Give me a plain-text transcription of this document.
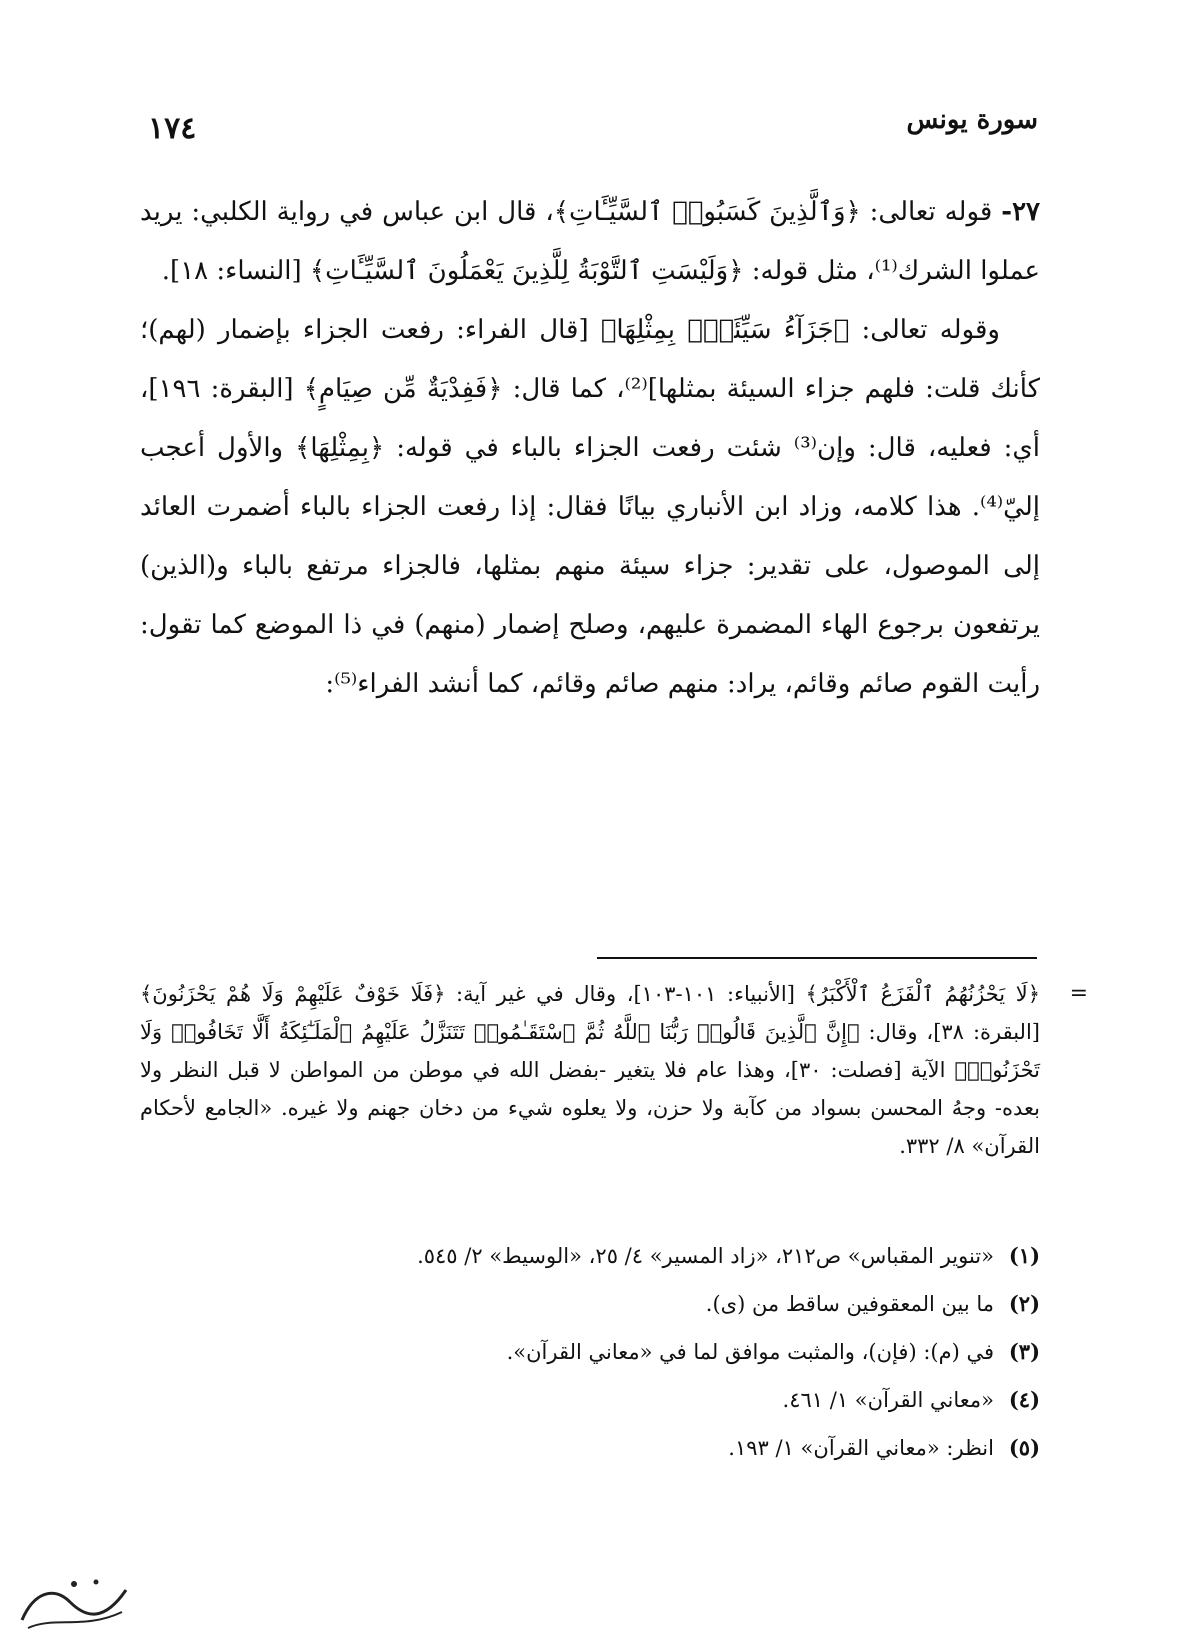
سورة يونس
١٧٤

٢٧- قوله تعالى: ﴿وَٱلَّذِينَ كَسَبُوا۟ ٱلسَّيِّـَٔاتِ﴾، قال ابن عباس في رواية الكلبي: يريد عملوا الشرك⁽¹⁾، مثل قوله: ﴿وَلَيْسَتِ ٱلتَّوْبَةُ لِلَّذِينَ يَعْمَلُونَ ٱلسَّيِّـَٔاتِ﴾ [النساء: ١٨].

وقوله تعالى: ﴿جَزَآءُ سَيِّئَةٍۭ بِمِثْلِهَا﴾ [قال الفراء: رفعت الجزاء بإضمار (لهم)؛ كأنك قلت: فلهم جزاء السيئة بمثلها]⁽²⁾، كما قال: ﴿فَفِدْيَةٌ مِّن صِيَامٍ﴾ [البقرة: ١٩٦]، أي: فعليه، قال: وإن⁽³⁾ شئت رفعت الجزاء بالباء في قوله: ﴿بِمِثْلِهَا﴾ والأول أعجب إليّ⁽⁴⁾. هذا كلامه، وزاد ابن الأنباري بيانًا فقال: إذا رفعت الجزاء بالباء أضمرت العائد إلى الموصول، على تقدير: جزاء سيئة منهم بمثلها، فالجزاء مرتفع بالباء و(الذين) يرتفعون برجوع الهاء المضمرة عليهم، وصلح إضمار (منهم) في ذا الموضع كما تقول: رأيت القوم صائم وقائم، يراد: منهم صائم وقائم، كما أنشد الفراء⁽⁵⁾:

=
﴿لَا يَحْزُنُهُمُ ٱلْفَزَعُ ٱلْأَكْبَرُ﴾ [الأنبياء: ١٠١-١٠٣]، وقال في غير آية: ﴿فَلَا خَوْفٌ عَلَيْهِمْ وَلَا هُمْ يَحْزَنُونَ﴾ [البقرة: ٣٨]، وقال: ﴿إِنَّ ٱلَّذِينَ قَالُوا۟ رَبُّنَا ٱللَّهُ ثُمَّ ٱسْتَقَـٰمُوا۟ تَتَنَزَّلُ عَلَيْهِمُ ٱلْمَلَـٰٓئِكَةُ أَلَّا تَخَافُوا۟ وَلَا تَحْزَنُوا۟﴾ الآية [فصلت: ٣٠]، وهذا عام فلا يتغير -بفضل الله في موطن من المواطن لا قبل النظر ولا بعده- وجهُ المحسن بسواد من كآبة ولا حزن، ولا يعلوه شيء من دخان جهنم ولا غيره. «الجامع لأحكام القرآن» ٨/ ٣٣٢.
(١)
«تنوير المقباس» ص٢١٢، «زاد المسير» ٤/ ٢٥، «الوسيط» ٢/ ٥٤٥.
(٢)
ما بين المعقوفين ساقط من (ى).
(٣)
في (م): (فإن)، والمثبت موافق لما في «معاني القرآن».
(٤)
«معاني القرآن» ١/ ٤٦١.
(٥)
انظر: «معاني القرآن» ١/ ١٩٣.
